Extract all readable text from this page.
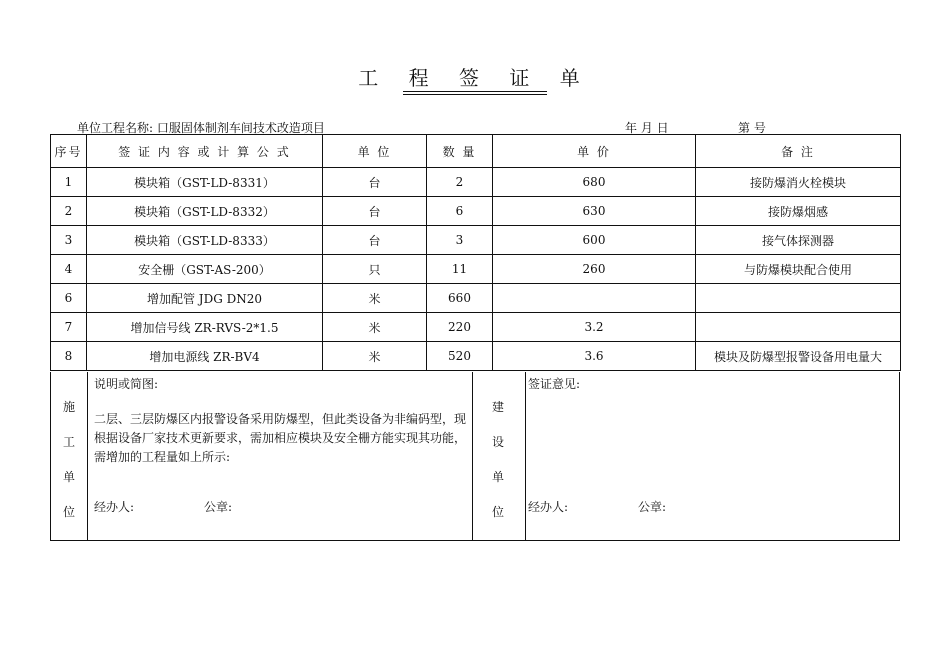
工 程 签 证 单
单位工程名称: 口服固体制剂车间技术改造项目	年 月 日	第 号
序号	签 证 内 容 或 计 算 公 式	单 位	数 量	单 价	备 注
1	模块箱（GST-LD-8331）	台	2	680	接防爆消火栓模块
2	模块箱（GST-LD-8332）	台	6	630	接防爆烟感
3	模块箱（GST-LD-8333）	台	3	600	接气体探测器
4	安全栅（GST-AS-200）	只	11	260	与防爆模块配合使用
6	增加配管 JDG DN20	米	660		
7	增加信号线 ZR-RVS-2*1.5	米	220	3.2	
8	增加电源线 ZR-BV4	米	520	3.6	模块及防爆型报警设备用电量大
施
工
单
位
说明或简图:
二层、三层防爆区内报警设备采用防爆型，但此类设备为非编码型，现根据设备厂家技术更新要求，需加相应模块及安全栅方能实现其功能，需增加的工程量如上所示:
经办人:	公章:
建
设
单
位
签证意见:
经办人:	公章:
